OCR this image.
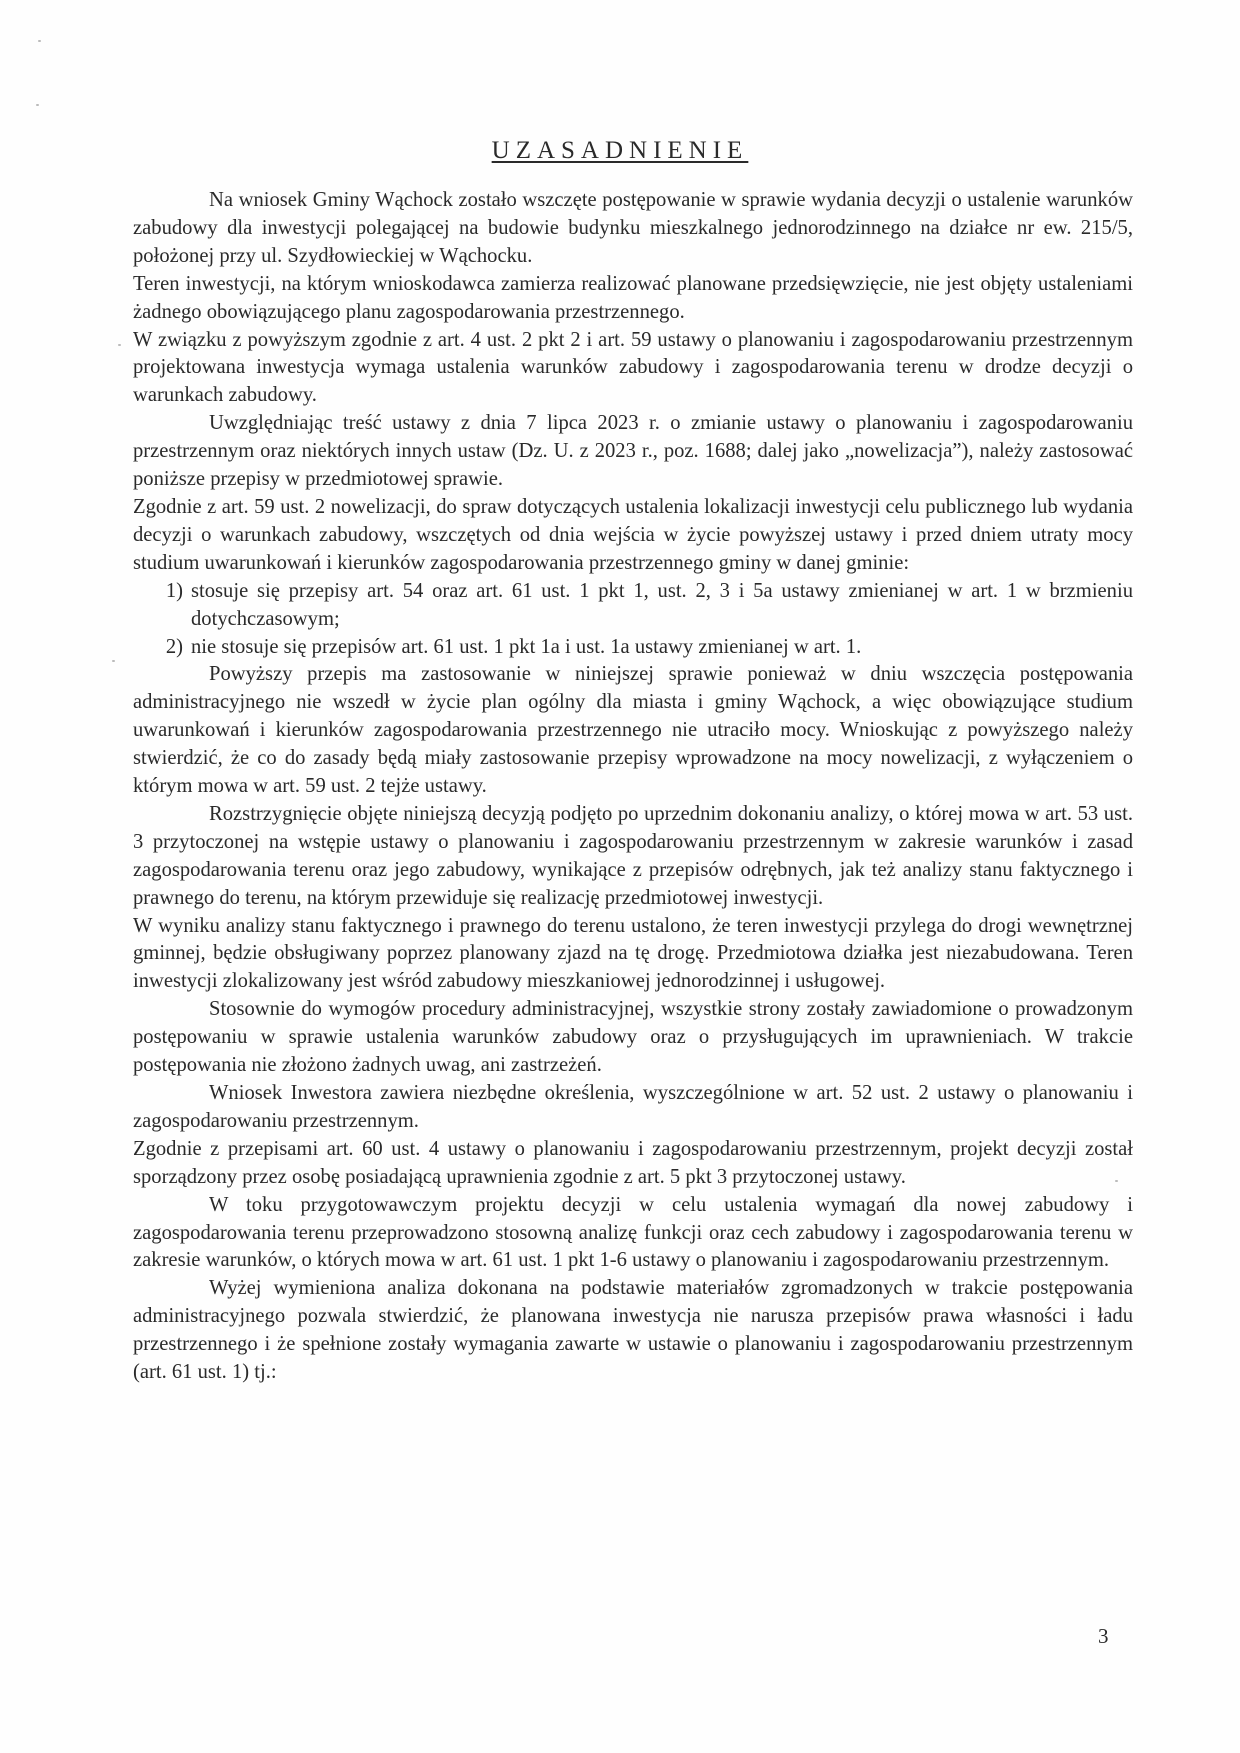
UZASADNIENIE

Na wniosek Gminy Wąchock zostało wszczęte postępowanie w sprawie wydania decyzji o ustalenie warunków zabudowy dla inwestycji polegającej na budowie budynku mieszkalnego jednorodzinnego na działce nr ew. 215/5, położonej przy ul. Szydłowieckiej w Wąchocku.

Teren inwestycji, na którym wnioskodawca zamierza realizować planowane przedsięwzięcie, nie jest objęty ustaleniami żadnego obowiązującego planu zagospodarowania przestrzennego.

W związku z powyższym zgodnie z art. 4 ust. 2 pkt 2 i art. 59 ustawy o planowaniu i zagospodarowaniu przestrzennym projektowana inwestycja wymaga ustalenia warunków zabudowy i zagospodarowania terenu w drodze decyzji o warunkach zabudowy.

Uwzględniając treść ustawy z dnia 7 lipca 2023 r. o zmianie ustawy o planowaniu i zagospodarowaniu przestrzennym oraz niektórych innych ustaw (Dz. U. z 2023 r., poz. 1688; dalej jako „nowelizacja”), należy zastosować poniższe przepisy w przedmiotowej sprawie.

Zgodnie z art. 59 ust. 2 nowelizacji, do spraw dotyczących ustalenia lokalizacji inwestycji celu publicznego lub wydania decyzji o warunkach zabudowy, wszczętych od dnia wejścia w życie powyższej ustawy i przed dniem utraty mocy studium uwarunkowań i kierunków zagospodarowania przestrzennego gminy w danej gminie:

1) stosuje się przepisy art. 54 oraz art. 61 ust. 1 pkt 1, ust. 2, 3 i 5a ustawy zmienianej w art. 1 w brzmieniu dotychczasowym;
2) nie stosuje się przepisów art. 61 ust. 1 pkt 1a i ust. 1a ustawy zmienianej w art. 1.

Powyższy przepis ma zastosowanie w niniejszej sprawie ponieważ w dniu wszczęcia postępowania administracyjnego nie wszedł w życie plan ogólny dla miasta i gminy Wąchock, a więc obowiązujące studium uwarunkowań i kierunków zagospodarowania przestrzennego nie utraciło mocy. Wnioskując z powyższego należy stwierdzić, że co do zasady będą miały zastosowanie przepisy wprowadzone na mocy nowelizacji, z wyłączeniem o którym mowa w art. 59 ust. 2 tejże ustawy.

Rozstrzygnięcie objęte niniejszą decyzją podjęto po uprzednim dokonaniu analizy, o której mowa w art. 53 ust. 3 przytoczonej na wstępie ustawy o planowaniu i zagospodarowaniu przestrzennym w zakresie warunków i zasad zagospodarowania terenu oraz jego zabudowy, wynikające z przepisów odrębnych, jak też analizy stanu faktycznego i prawnego do terenu, na którym przewiduje się realizację przedmiotowej inwestycji.

W wyniku analizy stanu faktycznego i prawnego do terenu ustalono, że teren inwestycji przylega do drogi wewnętrznej gminnej, będzie obsługiwany poprzez planowany zjazd na tę drogę. Przedmiotowa działka jest niezabudowana. Teren inwestycji zlokalizowany jest wśród zabudowy mieszkaniowej jednorodzinnej i usługowej.

Stosownie do wymogów procedury administracyjnej, wszystkie strony zostały zawiadomione o prowadzonym postępowaniu w sprawie ustalenia warunków zabudowy oraz o przysługujących im uprawnieniach. W trakcie postępowania nie złożono żadnych uwag, ani zastrzeżeń.

Wniosek Inwestora zawiera niezbędne określenia, wyszczególnione w art. 52 ust. 2 ustawy o planowaniu i zagospodarowaniu przestrzennym.

Zgodnie z przepisami art. 60 ust. 4 ustawy o planowaniu i zagospodarowaniu przestrzennym, projekt decyzji został sporządzony przez osobę posiadającą uprawnienia zgodnie z art. 5 pkt 3 przytoczonej ustawy.

W toku przygotowawczym projektu decyzji w celu ustalenia wymagań dla nowej zabudowy i zagospodarowania terenu przeprowadzono stosowną analizę funkcji oraz cech zabudowy i zagospodarowania terenu w zakresie warunków, o których mowa w art. 61 ust. 1 pkt 1-6 ustawy o planowaniu i zagospodarowaniu przestrzennym.

Wyżej wymieniona analiza dokonana na podstawie materiałów zgromadzonych w trakcie postępowania administracyjnego pozwala stwierdzić, że planowana inwestycja nie narusza przepisów prawa własności i ładu przestrzennego i że spełnione zostały wymagania zawarte w ustawie o planowaniu i zagospodarowaniu przestrzennym (art. 61 ust. 1) tj.:

3
